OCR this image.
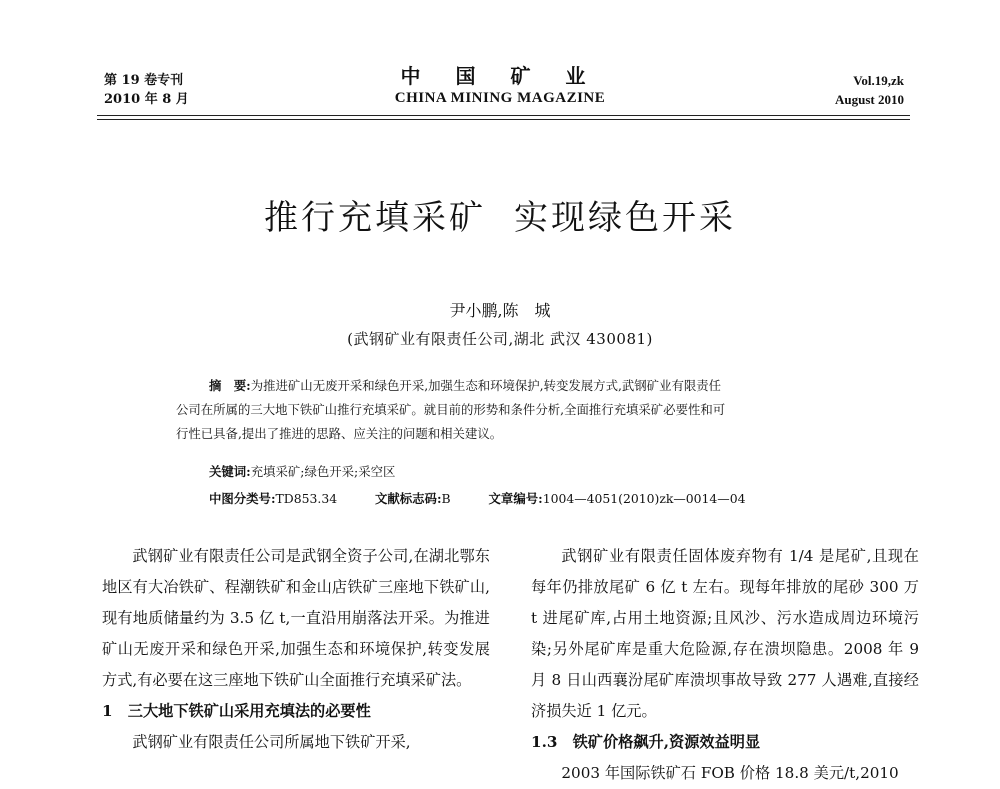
第 19 卷专刊
2010 年 8 月
中 国 矿 业
CHINA MINING MAGAZINE
Vol.19,zk
August 2010
推行充填采矿 实现绿色开采
尹小鹏,陈　城
(武钢矿业有限责任公司,湖北 武汉 430081)
摘　要:为推进矿山无废开采和绿色开采,加强生态和环境保护,转变发展方式,武钢矿业有限责任
公司在所属的三大地下铁矿山推行充填采矿。就目前的形势和条件分析,全面推行充填采矿必要性和可
行性已具备,提出了推进的思路、应关注的问题和相关建议。
关键词:充填采矿;绿色开采;采空区
中图分类号:TD853.34	文献标志码:B	文章编号:1004—4051(2010)zk—0014—04

武钢矿业有限责任公司是武钢全资子公司,在湖北鄂东地区有大冶铁矿、程潮铁矿和金山店铁矿三座地下铁矿山,现有地质储量约为 3.5 亿 t,一直沿用崩落法开采。为推进矿山无废开采和绿色开采,加强生态和环境保护,转变发展方式,有必要在这三座地下铁矿山全面推行充填采矿法。

1　三大地下铁矿山采用充填法的必要性

武钢矿业有限责任公司所属地下铁矿开采,

武钢矿业有限责任固体废弃物有 1/4 是尾矿,且现在每年仍排放尾矿 6 亿 t 左右。现每年排放的尾砂 300 万 t 进尾矿库,占用土地资源;且风沙、污水造成周边环境污染;另外尾矿库是重大危险源,存在溃坝隐患。2008 年 9 月 8 日山西襄汾尾矿库溃坝事故导致 277 人遇难,直接经济损失近 1 亿元。

1.3　铁矿价格飙升,资源效益明显

2003 年国际铁矿石 FOB 价格 18.8 美元/t,2010
